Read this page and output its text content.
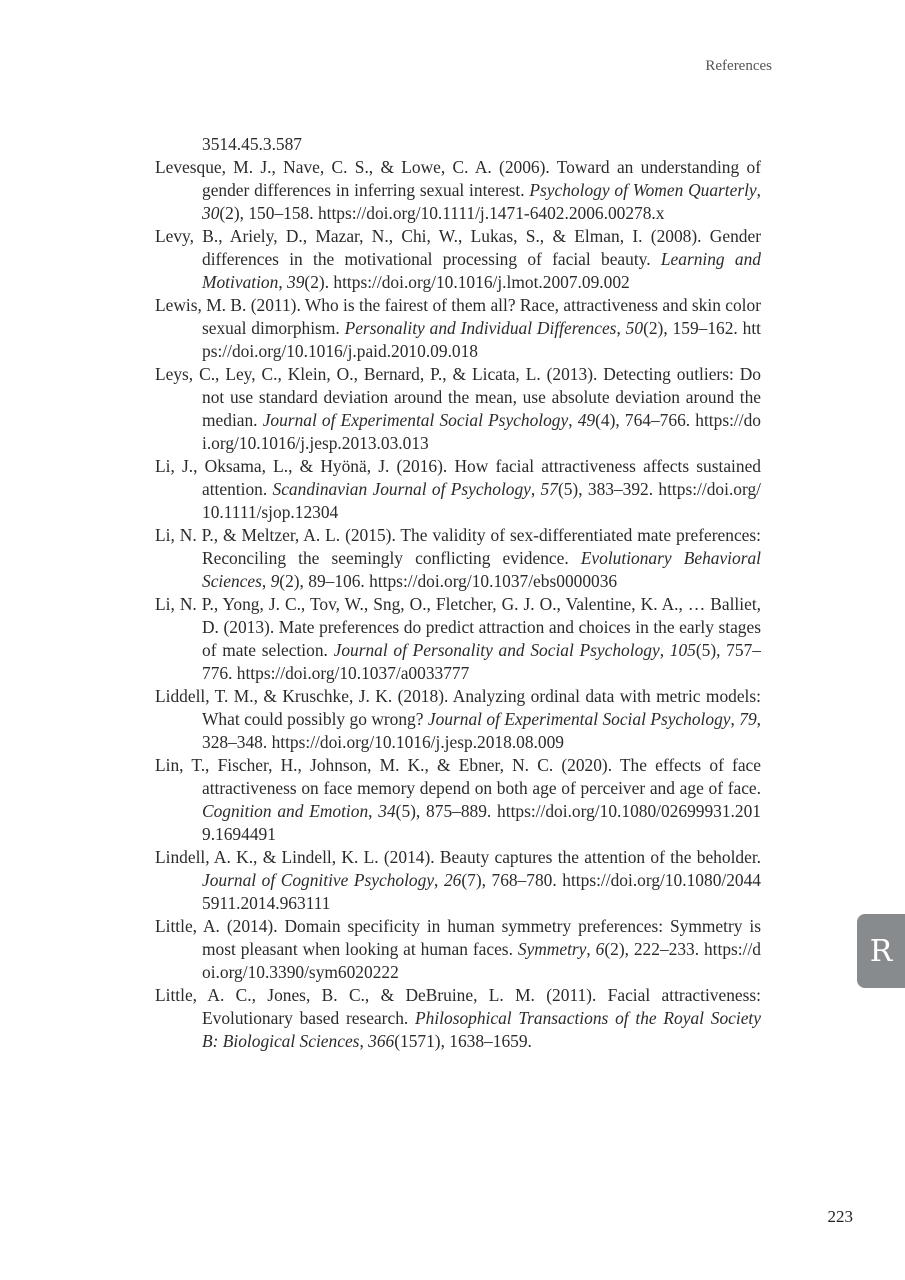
References
3514.45.3.587

Levesque, M. J., Nave, C. S., & Lowe, C. A. (2006). Toward an understanding of gender differences in inferring sexual interest. Psychology of Women Quarterly, 30(2), 150–158. https://doi.org/10.1111/j.1471-6402.2006.00278.x

Levy, B., Ariely, D., Mazar, N., Chi, W., Lukas, S., & Elman, I. (2008). Gender differences in the motivational processing of facial beauty. Learning and Motivation, 39(2). https://doi.org/10.1016/j.lmot.2007.09.002

Lewis, M. B. (2011). Who is the fairest of them all? Race, attractiveness and skin color sexual dimorphism. Personality and Individual Differences, 50(2), 159–162. https://doi.org/10.1016/j.paid.2010.09.018

Leys, C., Ley, C., Klein, O., Bernard, P., & Licata, L. (2013). Detecting outliers: Do not use standard deviation around the mean, use absolute deviation around the median. Journal of Experimental Social Psychology, 49(4), 764–766. https://doi.org/10.1016/j.jesp.2013.03.013

Li, J., Oksama, L., & Hyönä, J. (2016). How facial attractiveness affects sustained attention. Scandinavian Journal of Psychology, 57(5), 383–392. https://doi.org/10.1111/sjop.12304

Li, N. P., & Meltzer, A. L. (2015). The validity of sex-differentiated mate preferences: Reconciling the seemingly conflicting evidence. Evolutionary Behavioral Sciences, 9(2), 89–106. https://doi.org/10.1037/ebs0000036

Li, N. P., Yong, J. C., Tov, W., Sng, O., Fletcher, G. J. O., Valentine, K. A., … Balliet, D. (2013). Mate preferences do predict attraction and choices in the early stages of mate selection. Journal of Personality and Social Psychology, 105(5), 757–776. https://doi.org/10.1037/a0033777

Liddell, T. M., & Kruschke, J. K. (2018). Analyzing ordinal data with metric models: What could possibly go wrong? Journal of Experimental Social Psychology, 79, 328–348. https://doi.org/10.1016/j.jesp.2018.08.009

Lin, T., Fischer, H., Johnson, M. K., & Ebner, N. C. (2020). The effects of face attractiveness on face memory depend on both age of perceiver and age of face. Cognition and Emotion, 34(5), 875–889. https://doi.org/10.1080/02699931.2019.1694491

Lindell, A. K., & Lindell, K. L. (2014). Beauty captures the attention of the beholder. Journal of Cognitive Psychology, 26(7), 768–780. https://doi.org/10.1080/20445911.2014.963111

Little, A. (2014). Domain specificity in human symmetry preferences: Symmetry is most pleasant when looking at human faces. Symmetry, 6(2), 222–233. https://doi.org/10.3390/sym6020222

Little, A. C., Jones, B. C., & DeBruine, L. M. (2011). Facial attractiveness: Evolutionary based research. Philosophical Transactions of the Royal Society B: Biological Sciences, 366(1571), 1638–1659.

R
223
